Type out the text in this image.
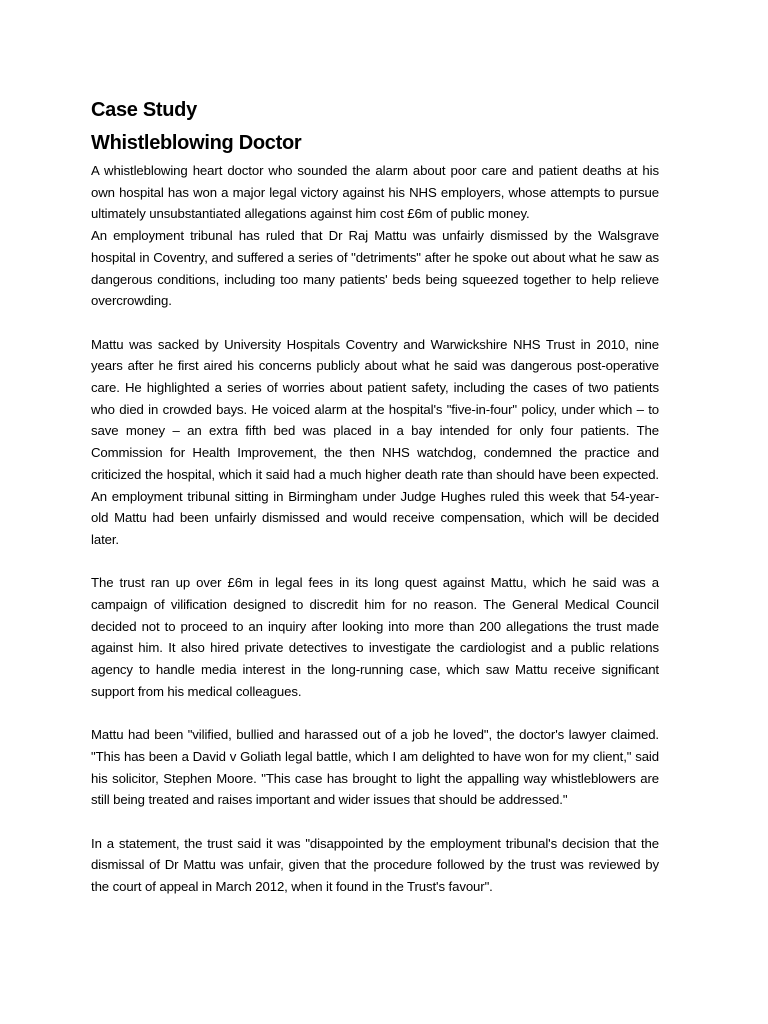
Case Study
Whistleblowing Doctor

A whistleblowing heart doctor who sounded the alarm about poor care and patient deaths at his own hospital has won a major legal victory against his NHS employers, whose attempts to pursue ultimately unsubstantiated allegations against him cost £6m of public money.

An employment tribunal has ruled that Dr Raj Mattu was unfairly dismissed by the Walsgrave hospital in Coventry, and suffered a series of "detriments" after he spoke out about what he saw as dangerous conditions, including too many patients' beds being squeezed together to help relieve overcrowding.

Mattu was sacked by University Hospitals Coventry and Warwickshire NHS Trust in 2010, nine years after he first aired his concerns publicly about what he said was dangerous post-operative care. He highlighted a series of worries about patient safety, including the cases of two patients who died in crowded bays. He voiced alarm at the hospital's "five-in-four" policy, under which – to save money – an extra fifth bed was placed in a bay intended for only four patients. The Commission for Health Improvement, the then NHS watchdog, condemned the practice and criticized the hospital, which it said had a much higher death rate than should have been expected. An employment tribunal sitting in Birmingham under Judge Hughes ruled this week that 54-year-old Mattu had been unfairly dismissed and would receive compensation, which will be decided later.

The trust ran up over £6m in legal fees in its long quest against Mattu, which he said was a campaign of vilification designed to discredit him for no reason. The General Medical Council decided not to proceed to an inquiry after looking into more than 200 allegations the trust made against him. It also hired private detectives to investigate the cardiologist and a public relations agency to handle media interest in the long-running case, which saw Mattu receive significant support from his medical colleagues.

Mattu had been "vilified, bullied and harassed out of a job he loved", the doctor's lawyer claimed. "This has been a David v Goliath legal battle, which I am delighted to have won for my client," said his solicitor, Stephen Moore. "This case has brought to light the appalling way whistleblowers are still being treated and raises important and wider issues that should be addressed."

In a statement, the trust said it was "disappointed by the employment tribunal's decision that the dismissal of Dr Mattu was unfair, given that the procedure followed by the trust was reviewed by the court of appeal in March 2012, when it found in the Trust's favour".
